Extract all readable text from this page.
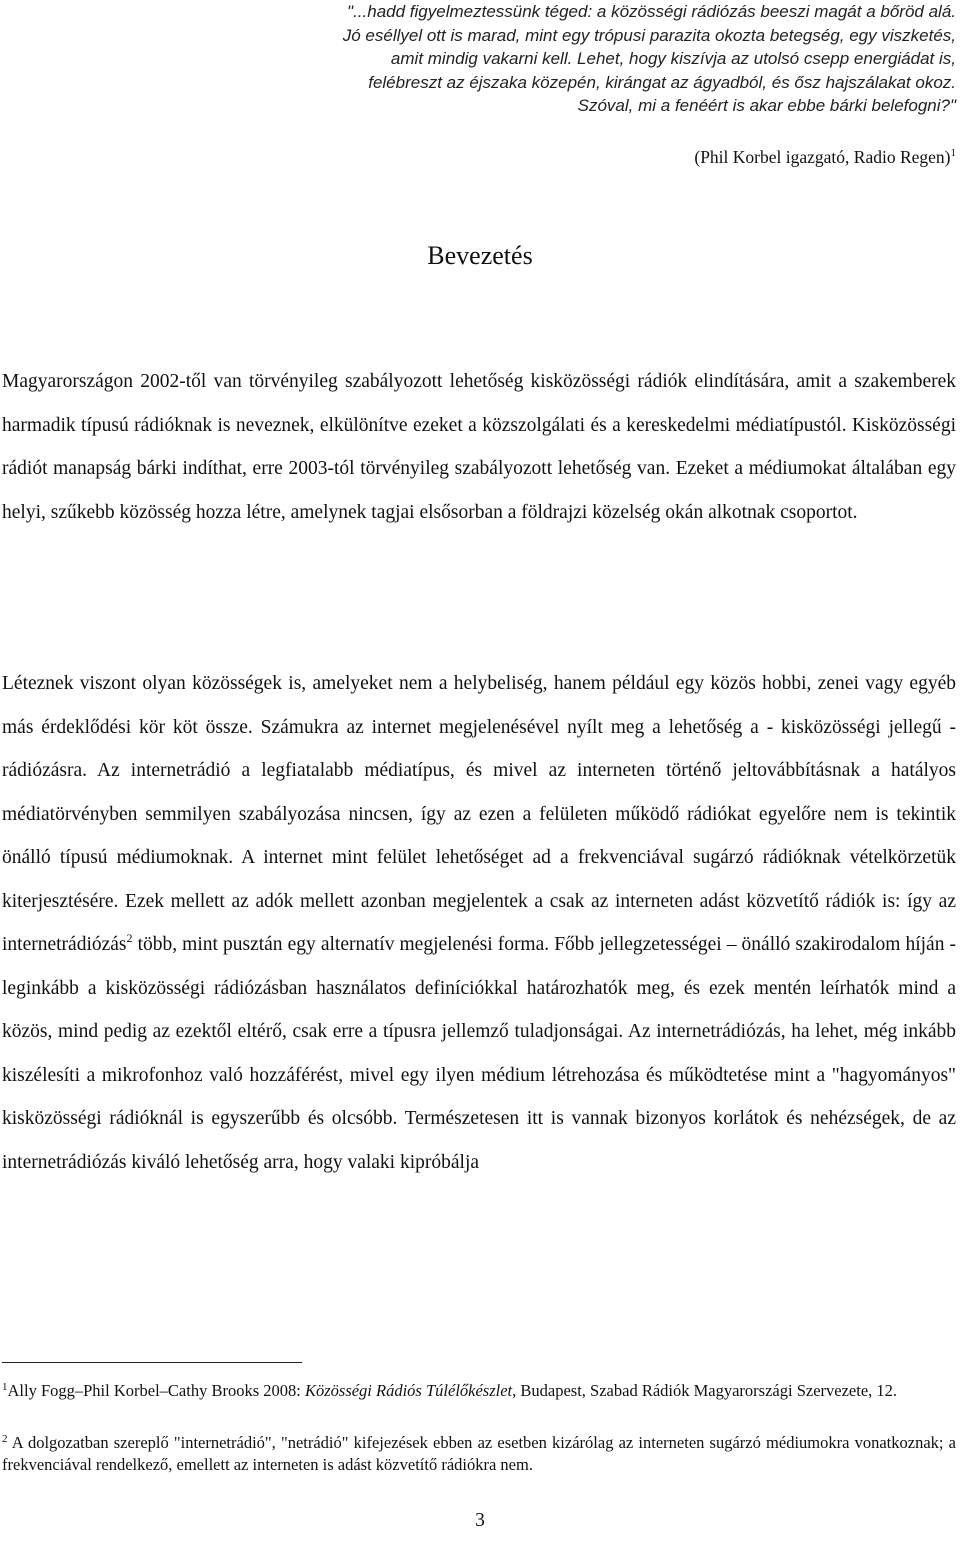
"...hadd figyelmeztessünk téged: a közösségi rádiózás beeszi magát a bőröd alá.
Jó eséllyel ott is marad, mint egy trópusi parazita okozta betegség, egy viszketés,
amit mindig vakarni kell. Lehet, hogy kiszívja az utolsó csepp energiádat is,
felébreszt az éjszaka közepén, kirángat az ágyadból, és ősz hajszálakat okoz.
Szóval, mi a fenéért is akar ebbe bárki belefogni?"
(Phil Korbel igazgató, Radio Regen)$^1$
Bevezetés

Magyarországon 2002-től van törvényileg szabályozott lehetőség kisközösségi rádiók elindítására, amit a szakemberek harmadik típusú rádióknak is neveznek, elkülönítve ezeket a közszolgálati és a kereskedelmi médiatípustól. Kisközösségi rádiót manapság bárki indíthat, erre 2003-tól törvényileg szabályozott lehetőség van. Ezeket a médiumokat általában egy helyi, szűkebb közösség hozza létre, amelynek tagjai elsősorban a földrajzi közelség okán alkotnak csoportot.

Léteznek viszont olyan közösségek is, amelyeket nem a helybeliség, hanem például egy közös hobbi, zenei vagy egyéb más érdeklődési kör köt össze. Számukra az internet megjelenésével nyílt meg a lehetőség a - kisközösségi jellegű - rádiózásra. Az internetrádió a legfiatalabb médiatípus, és mivel az interneten történő jeltovábbításnak a hatályos médiatörvényben semmilyen szabályozása nincsen, így az ezen a felületen működő rádiókat egyelőre nem is tekintik önálló típusú médiumoknak. A internet mint felület lehetőséget ad a frekvenciával sugárzó rádióknak vételkörzetük kiterjesztésére. Ezek mellett az adók mellett azonban megjelentek a csak az interneten adást közvetítő rádiók is: így az internetrádiózás$^2$ több, mint pusztán egy alternatív megjelenési forma. Főbb jellegzetességei – önálló szakirodalom híján - leginkább a kisközösségi rádiózásban használatos definíciókkal határozhatók meg, és ezek mentén leírhatók mind a közös, mind pedig az ezektől eltérő, csak erre a típusra jellemző tuladjonságai. Az internetrádiózás, ha lehet, még inkább kiszélesíti a mikrofonhoz való hozzáférést, mivel egy ilyen médium létrehozása és működtetése mint a "hagyományos" kisközösségi rádióknál is egyszerűbb és olcsóbb. Természetesen itt is vannak bizonyos korlátok és nehézségek, de az internetrádiózás kiváló lehetőség arra, hogy valaki kipróbálja

$^1$Ally Fogg–Phil Korbel–Cathy Brooks 2008: Közösségi Rádiós Túlélőkészlet, Budapest, Szabad Rádiók Magyarországi Szervezete, 12.

$^2$ A dolgozatban szereplő "internetrádió", "netrádió" kifejezések ebben az esetben kizárólag az interneten sugárzó médiumokra vonatkoznak; a frekvenciával rendelkező, emellett az interneten is adást közvetítő rádiókra nem.

3
